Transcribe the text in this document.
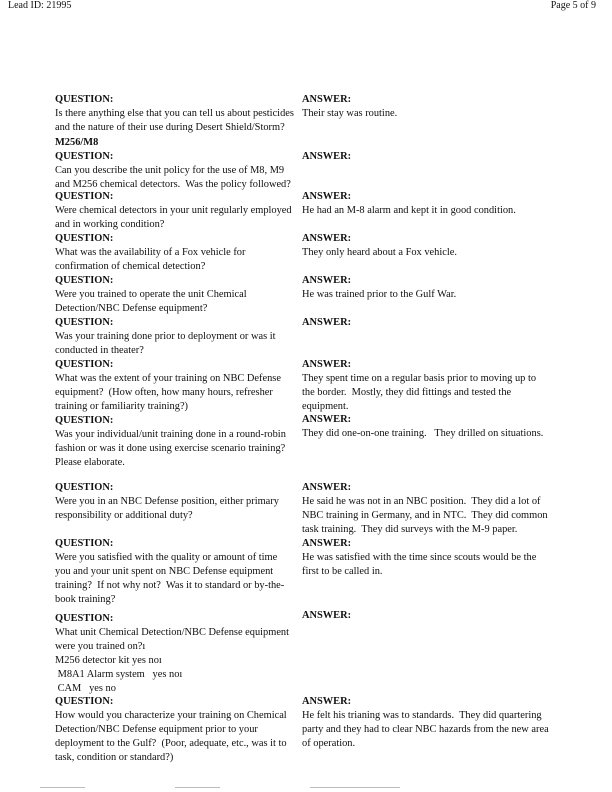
Lead ID: 21995	Page 5 of 9
M256/M8
QUESTION:
Is there anything else that you can tell us about pesticides
and the nature of their use during Desert Shield/Storm?
QUESTION:
Can you describe the unit policy for the use of M8, M9
and M256 chemical detectors.  Was the policy followed?
QUESTION:
Were chemical detectors in your unit regularly employed
and in working condition?
QUESTION:
What was the availability of a Fox vehicle for
confirmation of chemical detection?
QUESTION:
Were you trained to operate the unit Chemical
Detection/NBC Defense equipment?
QUESTION:
Was your training done prior to deployment or was it
conducted in theater?
QUESTION:
What was the extent of your training on NBC Defense
equipment?  (How often, how many hours, refresher
training or familiarity training?)
QUESTION:
Was your individual/unit training done in a round-robin
fashion or was it done using exercise scenario training?
Please elaborate.
QUESTION:
Were you in an NBC Defense position, either primary
responsibility or additional duty?
QUESTION:
Were you satisfied with the quality or amount of time
you and your unit spent on NBC Defense equipment
training?  If not why not?  Was it to standard or by-the-
book training?
QUESTION:
What unit Chemical Detection/NBC Defense equipment
were you trained on?ı
M256 detector kit yes noı
M8A1 Alarm system   yes noı
CAM   yes no
QUESTION:
How would you characterize your training on Chemical
Detection/NBC Defense equipment prior to your
deployment to the Gulf?  (Poor, adequate, etc., was it to
task, condition or standard?)
ANSWER:
Their stay was routine.
ANSWER:
ANSWER:
He had an M-8 alarm and kept it in good condition.
ANSWER:
They only heard about a Fox vehicle.
ANSWER:
He was trained prior to the Gulf War.
ANSWER:
ANSWER:
They spent time on a regular basis prior to moving up to
the border.  Mostly, they did fittings and tested the
equipment.
ANSWER:
They did one-on-one training.   They drilled on situations.
ANSWER:
He said he was not in an NBC position.  They did a lot of
NBC training in Germany, and in NTC.  They did common
task training.  They did surveys with the M-9 paper.
ANSWER:
He was satisfied with the time since scouts would be the
first to be called in.
ANSWER:
ANSWER:
He felt his trianing was to standards.  They did quartering
party and they had to clear NBC hazards from the new area
of operation.
